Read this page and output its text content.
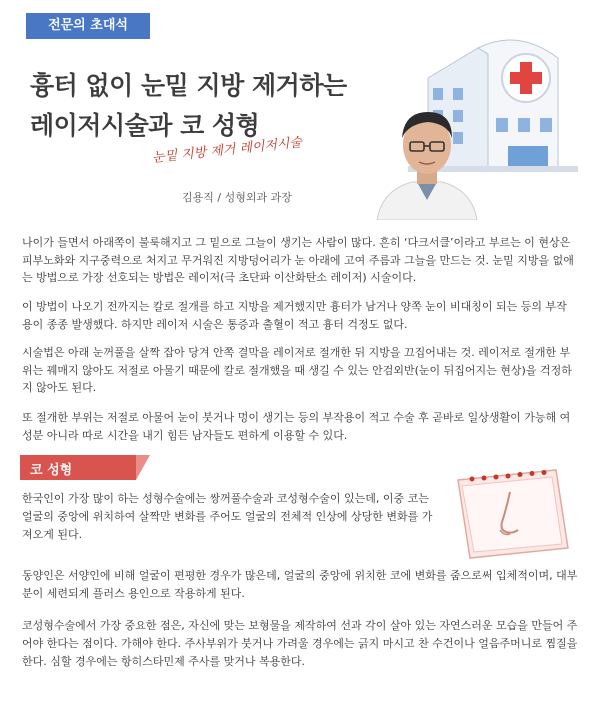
전문의 초대석
흉터 없이 눈밑 지방 제거하는
레이저시술과 코 성형
눈밑 지방 제거 레이저시술
김용직 / 성형외과 과장

나이가 들면서 아래쪽이 불룩해지고 그 밑으로 그늘이 생기는 사람이 많다. 흔히 ‘다크서클’이라고 부르는 이 현상은 피부노화와 지구중력으로 처지고 무거워진 지방덩어리가 눈 아래에 고여 주름과 그늘을 만드는 것. 눈밑 지방을 없애는 방법으로 가장 선호되는 방법은 레이저(극 초단파 이산화탄소 레이저) 시술이다.

이 방법이 나오기 전까지는 칼로 절개를 하고 지방을 제거했지만 흉터가 남거나 양쪽 눈이 비대칭이 되는 등의 부작용이 종종 발생했다. 하지만 레이저 시술은 통증과 출혈이 적고 흉터 걱정도 없다.

시술법은 아래 눈꺼풀을 살짝 잡아 당겨 안쪽 결막을 레이저로 절개한 뒤 지방을 끄집어내는 것. 레이저로 절개한 부위는 꿰매지 않아도 저절로 아물기 때문에 칼로 절개했을 때 생길 수 있는 안검외반(눈이 뒤집어지는 현상)을 걱정하지 않아도 된다.

또 절개한 부위는 저절로 아물어 눈이 붓거나 멍이 생기는 등의 부작용이 적고 수술 후 곧바로 일상생활이 가능해 여성분 아니라 따로 시간을 내기 힘든 남자들도 편하게 이용할 수 있다.

코 성형

한국인이 가장 많이 하는 성형수술에는 쌍꺼풀수술과 코성형수술이 있는데, 이중 코는 얼굴의 중앙에 위치하여 살짝만 변화를 주어도 얼굴의 전체적 인상에 상당한 변화를 가져오게 된다.

동양인은 서양인에 비해 얼굴이 편평한 경우가 많은데, 얼굴의 중앙에 위치한 코에 변화를 줌으로써 입체적이며, 대부분이 세련되게 플러스 용인으로 작용하게 된다.

코성형수술에서 가장 중요한 점은, 자신에 맞는 보형물을 제작하여 선과 각이 살아 있는 자연스러운 모습을 만들어 주어야 한다는 점이다. 가해야 한다. 주사부위가 붓거나 가려울 경우에는 긁지 마시고 찬 수건이나 얼음주머니로 찜질을 한다. 심할 경우에는 항히스타민제 주사를 맞거나 복용한다.
